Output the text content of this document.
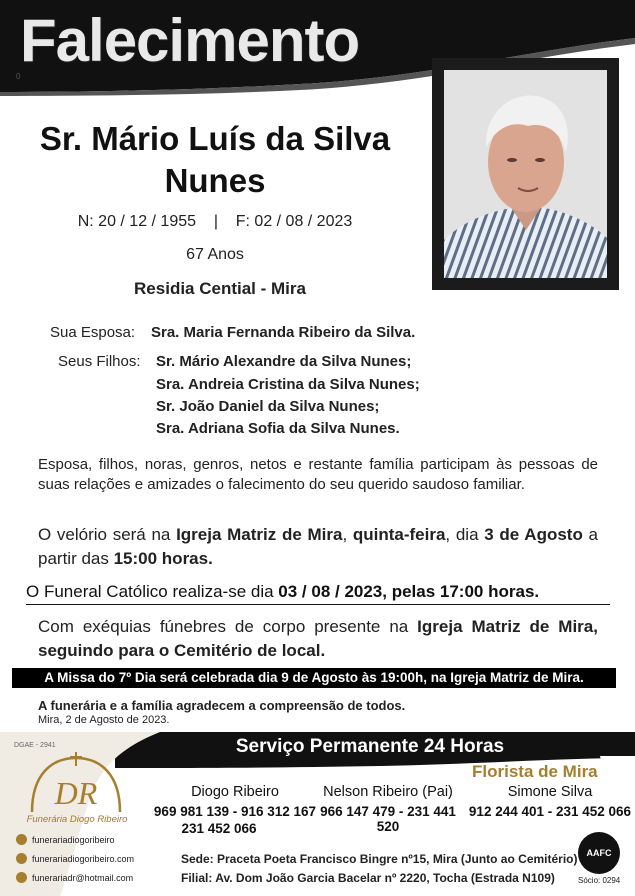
Falecimento
0
Sr. Mário Luís da Silva
Nunes
N: 20 / 12 / 1955 | F: 02 / 08 / 2023
67 Anos
Residia Cential - Mira
Sua Esposa: Sra. Maria Fernanda Ribeiro da Silva.
Seus Filhos: Sr. Mário Alexandre da Silva Nunes;
Sra. Andreia Cristina da Silva Nunes;
Sr. João Daniel da Silva Nunes;
Sra. Adriana Sofia da Silva Nunes.
Esposa, filhos, noras, genros, netos e restante família participam às pessoas de suas relações e amizades o falecimento do seu querido saudoso familiar.
O velório será na Igreja Matriz de Mira, quinta-feira, dia 3 de Agosto a partir das 15:00 horas.
O Funeral Católico realiza-se dia 03 / 08 / 2023, pelas 17:00 horas.
Com exéquias fúnebres de corpo presente na Igreja Matriz de Mira, seguindo para o Cemitério de local.
A Missa do 7º Dia será celebrada dia 9 de Agosto às 19:00h, na Igreja Matriz de Mira.
A funerária e a família agradecem a compreensão de todos.
Mira, 2 de Agosto de 2023.
DGAE - 2941	Serviço Permanente 24 Horas
DR
Funerária Diogo Ribeiro
Diogo Ribeiro
969 981 139 - 916 312 167
231 452 066
Nelson Ribeiro (Pai)
966 147 479 - 231 441 520
Florista de Mira
Simone Silva
912 244 401 - 231 452 066
funerariadiogoribeiro
funerariadiogoribeiro.com
funerariadr@hotmail.com
Sede: Praceta Poeta Francisco Bingre nº15, Mira (Junto ao Cemitério)
Filial: Av. Dom João Garcia Bacelar nº 2220, Tocha (Estrada N109)
AAFC
Sócio: 0294
